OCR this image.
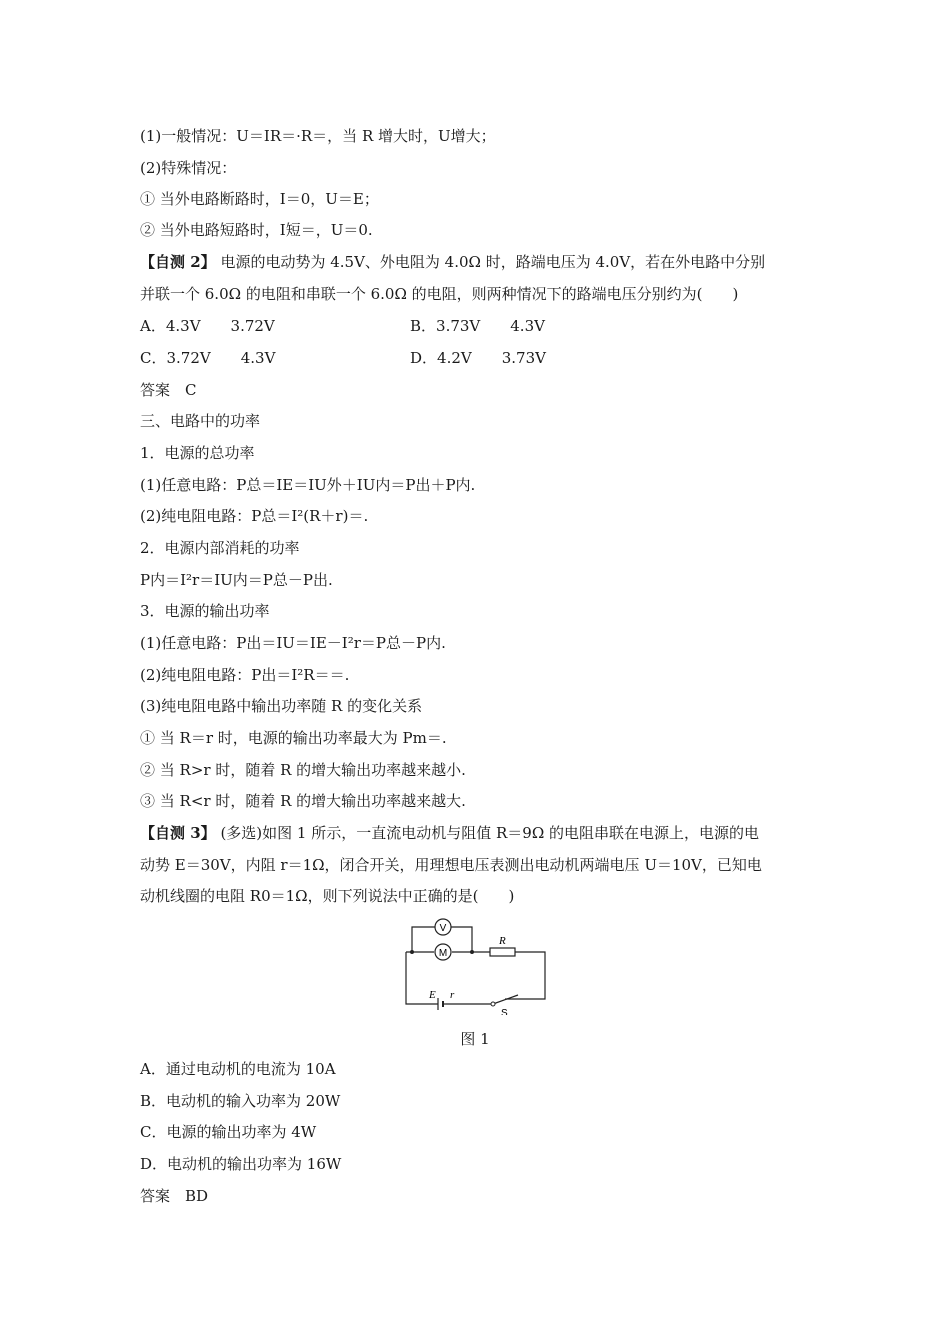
(1)一般情况：U＝IR＝·R＝，当 R 增大时，U增大；
(2)特殊情况：
① 当外电路断路时，I＝0，U＝E；
② 当外电路短路时，I短＝，U＝0.
【自测 2】 电源的电动势为 4.5V、外电阻为 4.0Ω 时，路端电压为 4.0V，若在外电路中分别
并联一个 6.0Ω 的电阻和串联一个 6.0Ω 的电阻，则两种情况下的路端电压分别约为(　　)
A．4.3V　　3.72V	B．3.73V　　4.3V
C．3.72V　　4.3V	D．4.2V　　3.73V
答案　C
三、电路中的功率
1．电源的总功率
(1)任意电路：P总＝IE＝IU外＋IU内＝P出＋P内.
(2)纯电阻电路：P总＝I²(R＋r)＝.
2．电源内部消耗的功率
P内＝I²r＝IU内＝P总－P出.
3．电源的输出功率
(1)任意电路：P出＝IU＝IE－I²r＝P总－P内.
(2)纯电阻电路：P出＝I²R＝＝.
(3)纯电阻电路中输出功率随 R 的变化关系
① 当 R＝r 时，电源的输出功率最大为 Pm＝.
② 当 R>r 时，随着 R 的增大输出功率越来越小.
③ 当 R<r 时，随着 R 的增大输出功率越来越大.
【自测 3】 (多选)如图 1 所示，一直流电动机与阻值 R＝9Ω 的电阻串联在电源上，电源的电
动势 E＝30V，内阻 r＝1Ω，闭合开关，用理想电压表测出电动机两端电压 U＝10V，已知电
动机线圈的电阻 R0＝1Ω，则下列说法中正确的是(　　)
V
M
R
E r
S
图 1
A．通过电动机的电流为 10A
B．电动机的输入功率为 20W
C．电源的输出功率为 4W
D．电动机的输出功率为 16W
答案　BD
